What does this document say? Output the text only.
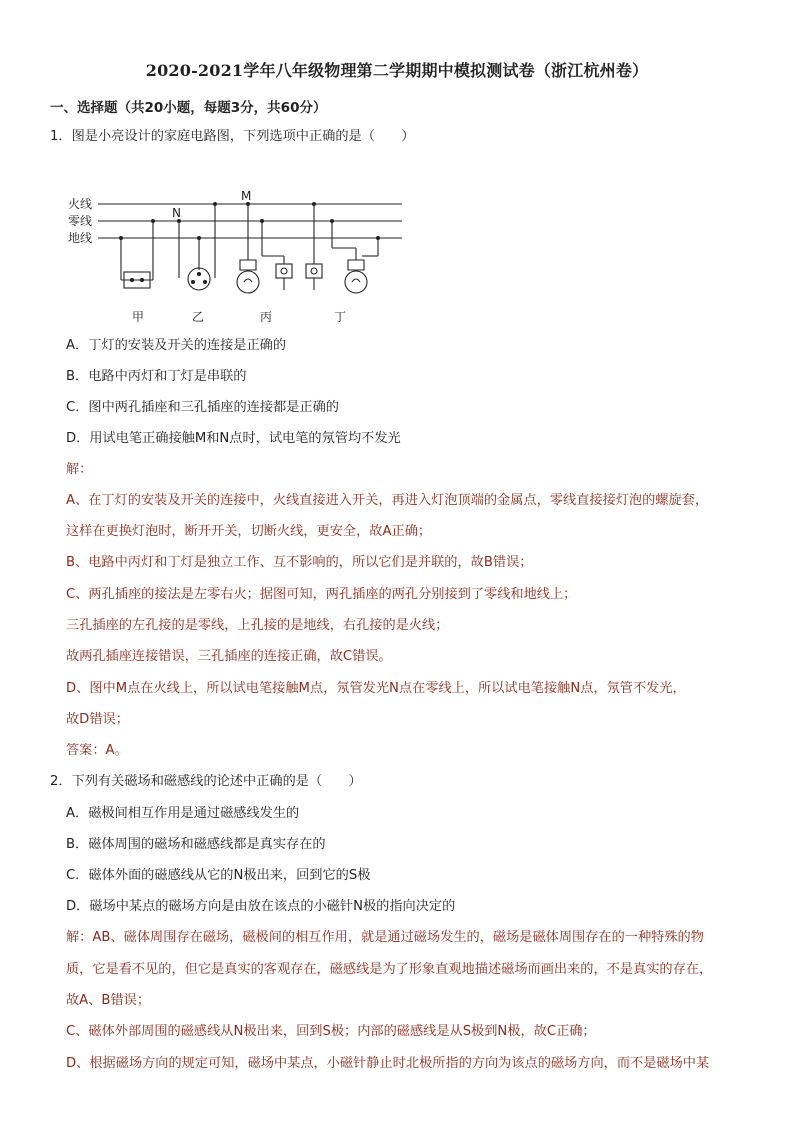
2020-2021学年八年级物理第二学期期中模拟测试卷（浙江杭州卷）
一、选择题（共20小题，每题3分，共60分）
1．图是小亮设计的家庭电路图，下列选项中正确的是（　　）
火线
零线
地线
M
N
甲	乙	丙	丁
A．丁灯的安装及开关的连接是正确的
B．电路中丙灯和丁灯是串联的
C．图中两孔插座和三孔插座的连接都是正确的
D．用试电笔正确接触M和N点时，试电笔的氖管均不发光
解：
A、在丁灯的安装及开关的连接中，火线直接进入开关，再进入灯泡顶端的金属点，零线直接接灯泡的螺旋套，
这样在更换灯泡时，断开开关，切断火线，更安全，故A正确；
B、电路中丙灯和丁灯是独立工作、互不影响的，所以它们是并联的，故B错误；
C、两孔插座的接法是左零右火；据图可知，两孔插座的两孔分别接到了零线和地线上；
三孔插座的左孔接的是零线，上孔接的是地线，右孔接的是火线；
故两孔插座连接错误，三孔插座的连接正确，故C错误。
D、图中M点在火线上，所以试电笔接触M点，氖管发光N点在零线上，所以试电笔接触N点，氖管不发光，
故D错误；
答案：A。
2．下列有关磁场和磁感线的论述中正确的是（　　）
A．磁极间相互作用是通过磁感线发生的
B．磁体周围的磁场和磁感线都是真实存在的
C．磁体外面的磁感线从它的N极出来，回到它的S极
D．磁场中某点的磁场方向是由放在该点的小磁针N极的指向决定的
解：AB、磁体周围存在磁场，磁极间的相互作用，就是通过磁场发生的，磁场是磁体周围存在的一种特殊的物
质，它是看不见的，但它是真实的客观存在，磁感线是为了形象直观地描述磁场而画出来的，不是真实的存在，
故A、B错误；
C、磁体外部周围的磁感线从N极出来，回到S极；内部的磁感线是从S极到N极，故C正确；
D、根据磁场方向的规定可知，磁场中某点，小磁针静止时北极所指的方向为该点的磁场方向，而不是磁场中某
